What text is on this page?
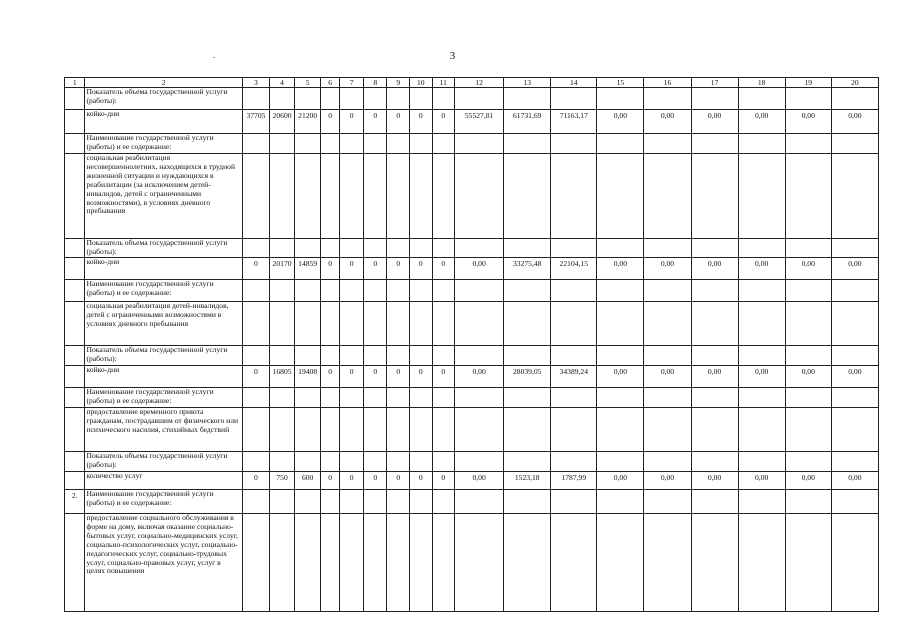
3
.
1	2	3	4	5	6	7	8	9	10	11	12	13	14	15	16	17	18	19	20
	Показатель объема государственной услуги (работы):																		
	койко-дни	37705	20600	21200	0	0	0	0	0	0	55527,81	61731,69	71163,17	0,00	0,00	0,00	0,00	0,00	0,00
	Наименование государственной услуги (работы) и ее содержание:																		
	социальная реабилитация несовершеннолетних, находящихся в трудной жизненной ситуации и нуждающихся в реабилитации (за исключением детей-инвалидов, детей с ограниченными возможностями), в условиях дневного пребывания																		
	Показатель объема государственной услуги (работы):																		
	койко-дни	0	20170	14859	0	0	0	0	0	0	0,00	33275,48	22104,15	0,00	0,00	0,00	0,00	0,00	0,00
	Наименование государственной услуги (работы) и ее содержание:																		
	социальная реабилитация детей-инвалидов, детей с ограниченными возможностями в условиях дневного пребывания																		
	Показатель объема государственной услуги (работы):																		
	койко-дни	0	16805	19408	0	0	0	0	0	0	0,00	28039,05	34389,24	0,00	0,00	0,00	0,00	0,00	0,00
	Наименование государственной услуги (работы) и ее содержание:																		
	предоставление временного приюта гражданам, пострадавшим от физического или психического насилия, стихийных бедствий																		
	Показатель объема государственной услуги (работы):																		
	количество услуг	0	750	600	0	0	0	0	0	0	0,00	1523,18	1787,99	0,00	0,00	0,00	0,00	0,00	0,00
2.	Наименование государственной услуги (работы) и ее содержание:																		
	предоставление социального обслуживания в форме на дому, включая оказание социально-бытовых услуг, социально-медицинских услуг, социально-психологических услуг, социально-педагогических услуг, социально-трудовых услуг, социально-правовых услуг, услуг в целях повышения																		
